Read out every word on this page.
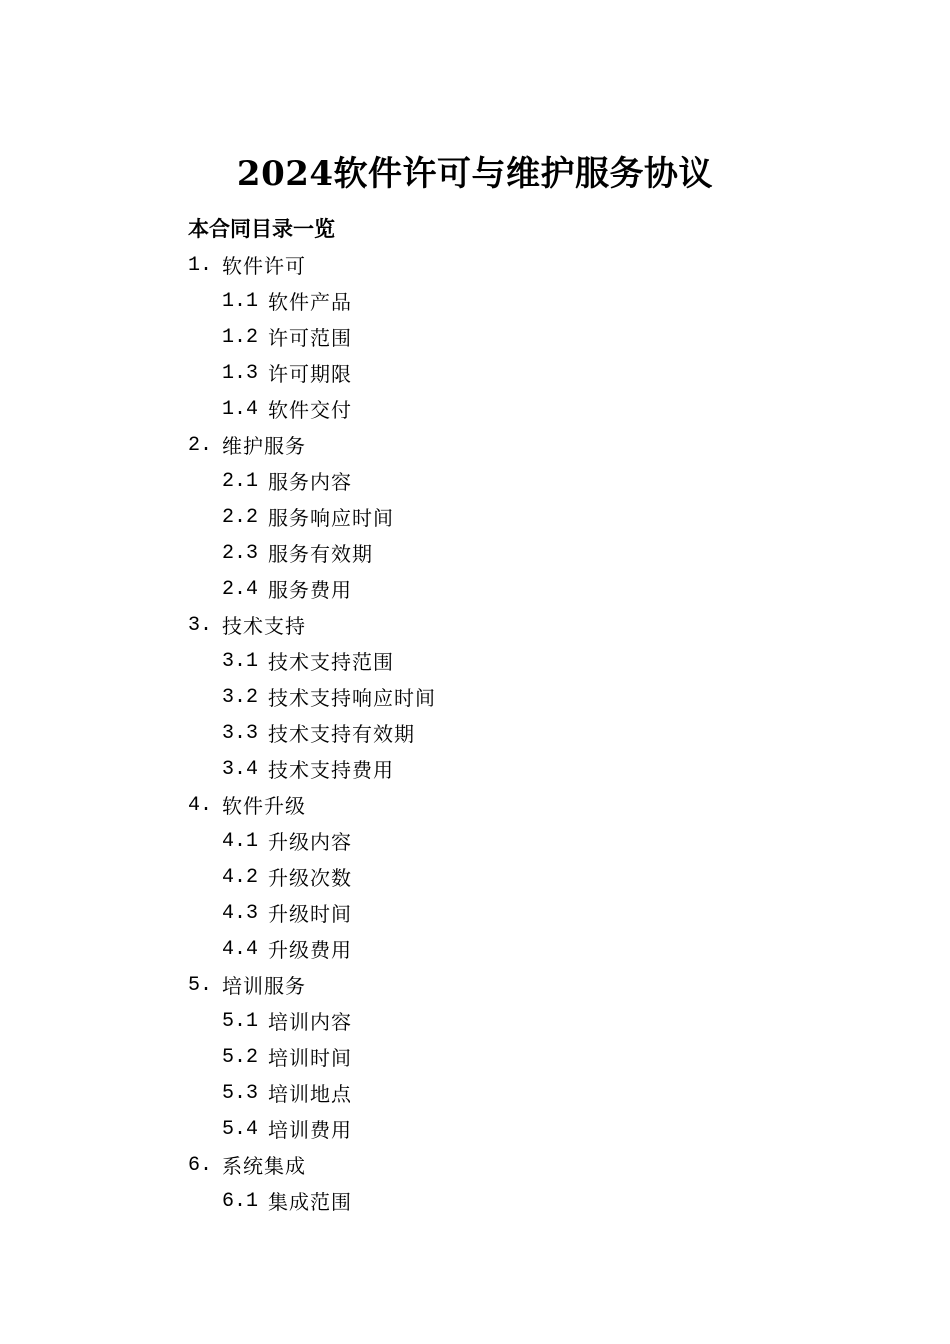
2024软件许可与维护服务协议
本合同目录一览
1. 软件许可
1.1 软件产品
1.2 许可范围
1.3 许可期限
1.4 软件交付
2. 维护服务
2.1 服务内容
2.2 服务响应时间
2.3 服务有效期
2.4 服务费用
3. 技术支持
3.1 技术支持范围
3.2 技术支持响应时间
3.3 技术支持有效期
3.4 技术支持费用
4. 软件升级
4.1 升级内容
4.2 升级次数
4.3 升级时间
4.4 升级费用
5. 培训服务
5.1 培训内容
5.2 培训时间
5.3 培训地点
5.4 培训费用
6. 系统集成
6.1 集成范围
